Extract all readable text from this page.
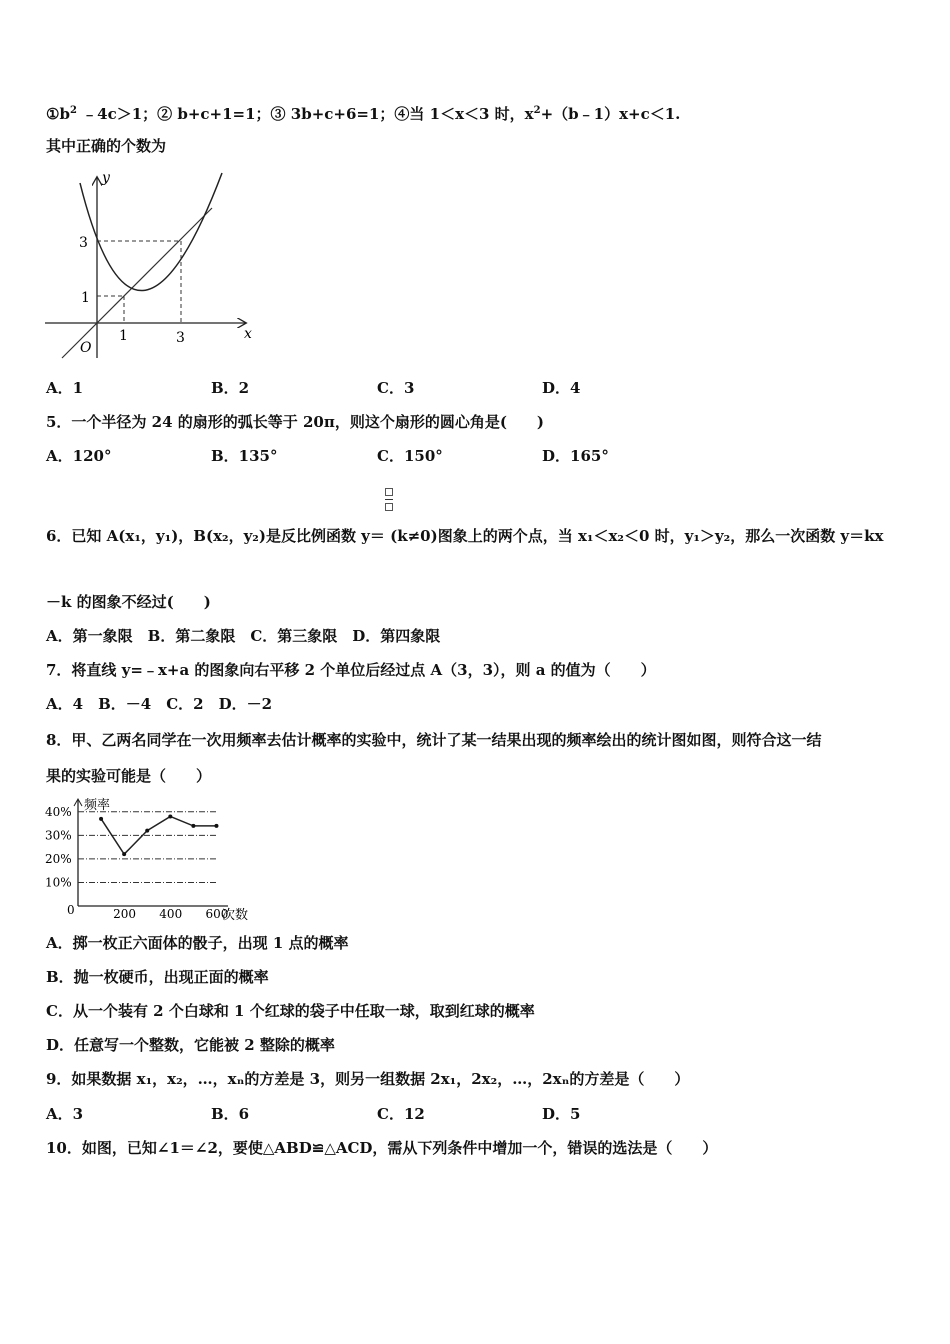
$①b^2$ ﹣4c＞1；② b+c+1=1；③ 3b+c+6=1；④当 1＜x＜3 时，$x^2+(b﹣1)x+c<1$.
其中正确的个数为
y
x
O
3
1
1	3
A．1	B．2	C．3	D．4
5．一个半径为 24 的扇形的弧长等于 20π，则这个扇形的圆心角是(　　)
A．120°	B．135°	C．150°	D．165°
6．已知 A(x₁，y₁)，B(x₂，y₂)是反比例函数 y＝ (k≠0)图象上的两个点，当 x₁＜x₂＜0 时，y₁＞y₂，那么一次函数 y＝kx
－k 的图象不经过(　　)
A．第一象限　B．第二象限　C．第三象限　D．第四象限
7．将直线 y=﹣x+a 的图象向右平移 2 个单位后经过点 A（3，3），则 a 的值为（　　）
A．4　B．－4　C．2　D．－2
8．甲、乙两名同学在一次用频率去估计概率的实验中，统计了某一结果出现的频率绘出的统计图如图，则符合这一结
果的实验可能是（　　）
频率
次数
0
10%
20%
30%
40%
200 400 600
A．掷一枚正六面体的骰子，出现 1 点的概率
B．抛一枚硬币，出现正面的概率
C．从一个装有 2 个白球和 1 个红球的袋子中任取一球，取到红球的概率
D．任意写一个整数，它能被 2 整除的概率
9．如果数据 x₁，x₂，…，xₙ的方差是 3，则另一组数据 2x₁，2x₂，…，2xₙ的方差是（　　）
A．3	B．6	C．12	D．5
10．如图，已知∠1＝∠2，要使△ABD≌△ACD，需从下列条件中增加一个，错误的选法是（　　）
